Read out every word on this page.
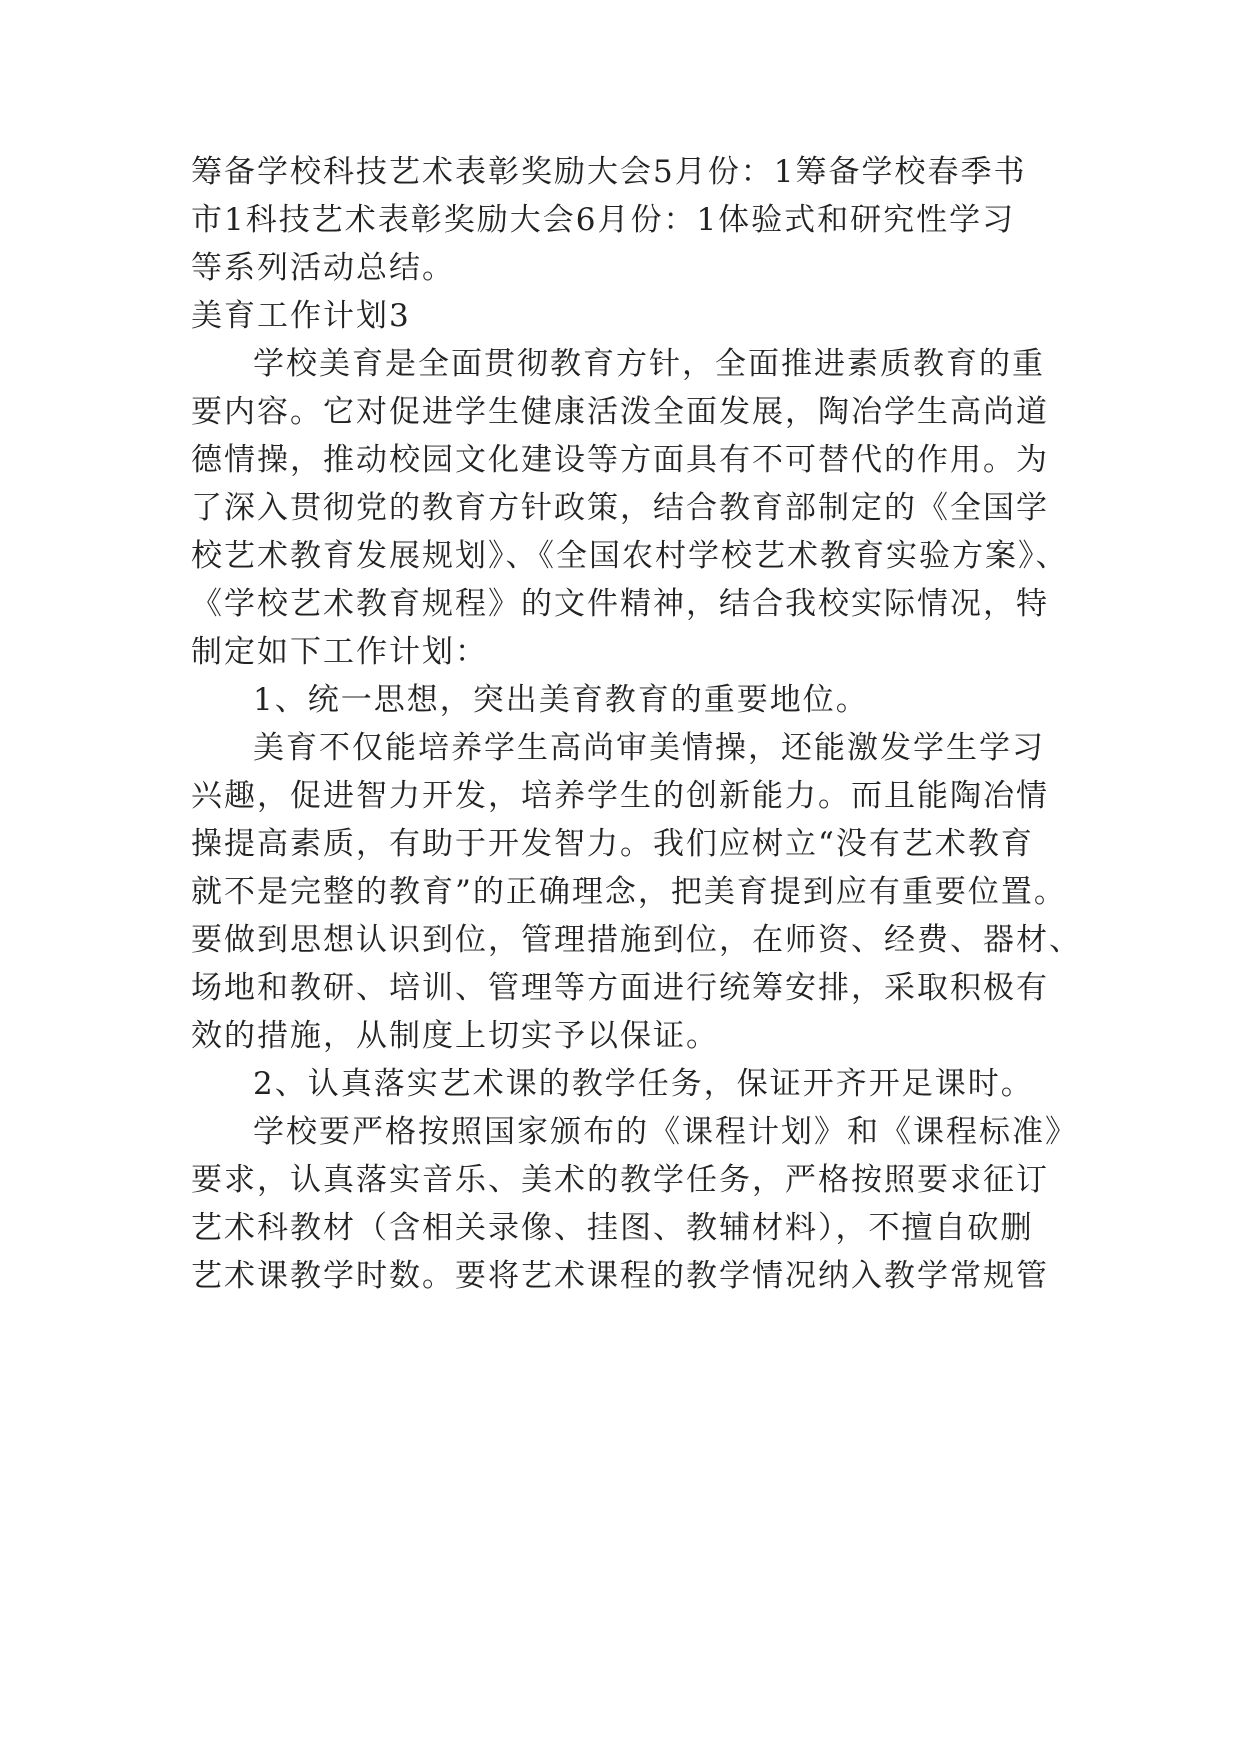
筹备学校科技艺术表彰奖励大会5月份：1筹备学校春季书

市1科技艺术表彰奖励大会6月份：1体验式和研究性学习

等系列活动总结。

美育工作计划3

学校美育是全面贯彻教育方针，全面推进素质教育的重

要内容。它对促进学生健康活泼全面发展，陶冶学生高尚道

德情操，推动校园文化建设等方面具有不可替代的作用。为

了深入贯彻党的教育方针政策，结合教育部制定的《全国学

校艺术教育发展规划》、《全国农村学校艺术教育实验方案》、

《学校艺术教育规程》的文件精神，结合我校实际情况，特

制定如下工作计划：

1、统一思想，突出美育教育的重要地位。

美育不仅能培养学生高尚审美情操，还能激发学生学习

兴趣，促进智力开发，培养学生的创新能力。而且能陶冶情

操提高素质，有助于开发智力。我们应树立“没有艺术教育

就不是完整的教育”的正确理念，把美育提到应有重要位置。

要做到思想认识到位，管理措施到位，在师资、经费、器材、

场地和教研、培训、管理等方面进行统筹安排，采取积极有

效的措施，从制度上切实予以保证。

2、认真落实艺术课的教学任务，保证开齐开足课时。

学校要严格按照国家颁布的《课程计划》和《课程标准》

要求，认真落实音乐、美术的教学任务，严格按照要求征订

艺术科教材（含相关录像、挂图、教辅材料），不擅自砍删

艺术课教学时数。要将艺术课程的教学情况纳入教学常规管
